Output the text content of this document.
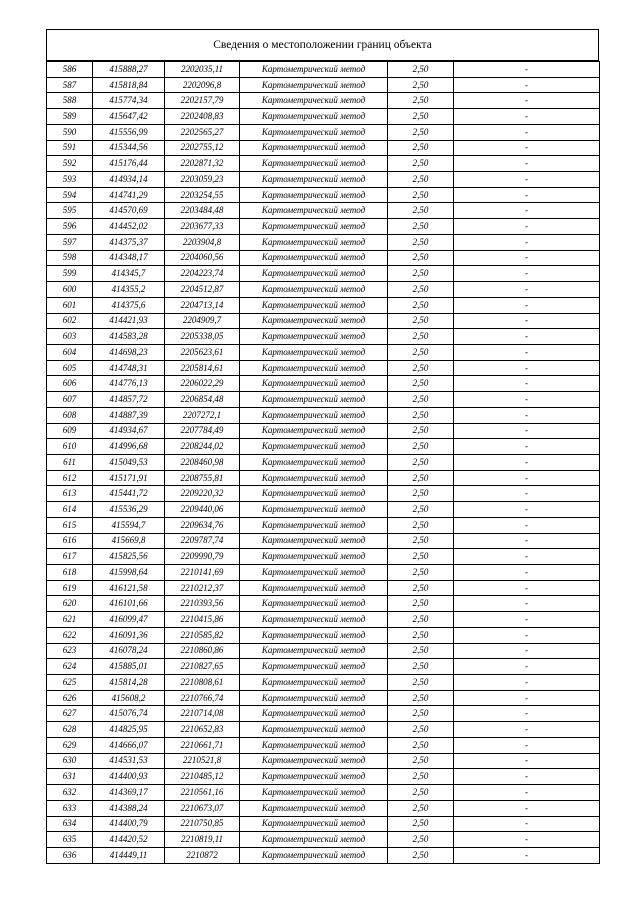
Сведения о местоположении границ объекта
586	415888,27	2202035,11	Картометрический метод	2,50	-
587	415818,84	2202096,8	Картометрический метод	2,50	-
588	415774,34	2202157,79	Картометрический метод	2,50	-
589	415647,42	2202408,83	Картометрический метод	2,50	-
590	415556,99	2202565,27	Картометрический метод	2,50	-
591	415344,56	2202755,12	Картометрический метод	2,50	-
592	415176,44	2202871,32	Картометрический метод	2,50	-
593	414934,14	2203059,23	Картометрический метод	2,50	-
594	414741,29	2203254,55	Картометрический метод	2,50	-
595	414570,69	2203484,48	Картометрический метод	2,50	-
596	414452,02	2203677,33	Картометрический метод	2,50	-
597	414375,37	2203904,8	Картометрический метод	2,50	-
598	414348,17	2204060,56	Картометрический метод	2,50	-
599	414345,7	2204223,74	Картометрический метод	2,50	-
600	414355,2	2204512,87	Картометрический метод	2,50	-
601	414375,6	2204713,14	Картометрический метод	2,50	-
602	414421,93	2204909,7	Картометрический метод	2,50	-
603	414583,28	2205338,05	Картометрический метод	2,50	-
604	414698,23	2205623,61	Картометрический метод	2,50	-
605	414748,31	2205814,61	Картометрический метод	2,50	-
606	414776,13	2206022,29	Картометрический метод	2,50	-
607	414857,72	2206854,48	Картометрический метод	2,50	-
608	414887,39	2207272,1	Картометрический метод	2,50	-
609	414934,67	2207784,49	Картометрический метод	2,50	-
610	414996,68	2208244,02	Картометрический метод	2,50	-
611	415049,53	2208460,98	Картометрический метод	2,50	-
612	415171,91	2208755,81	Картометрический метод	2,50	-
613	415441,72	2209220,32	Картометрический метод	2,50	-
614	415536,29	2209440,06	Картометрический метод	2,50	-
615	415594,7	2209634,76	Картометрический метод	2,50	-
616	415669,8	2209787,74	Картометрический метод	2,50	-
617	415825,56	2209990,79	Картометрический метод	2,50	-
618	415998,64	2210141,69	Картометрический метод	2,50	-
619	416121,58	2210212,37	Картометрический метод	2,50	-
620	416101,66	2210393,56	Картометрический метод	2,50	-
621	416099,47	2210415,86	Картометрический метод	2,50	-
622	416091,36	2210585,82	Картометрический метод	2,50	-
623	416078,24	2210860,86	Картометрический метод	2,50	-
624	415885,01	2210827,65	Картометрический метод	2,50	-
625	415814,28	2210808,61	Картометрический метод	2,50	-
626	415608,2	2210766,74	Картометрический метод	2,50	-
627	415076,74	2210714,08	Картометрический метод	2,50	-
628	414825,95	2210652,83	Картометрический метод	2,50	-
629	414666,07	2210661,71	Картометрический метод	2,50	-
630	414531,53	2210521,8	Картометрический метод	2,50	-
631	414400,93	2210485,12	Картометрический метод	2,50	-
632	414369,17	2210561,16	Картометрический метод	2,50	-
633	414388,24	2210673,07	Картометрический метод	2,50	-
634	414400,79	2210750,85	Картометрический метод	2,50	-
635	414420,52	2210819,11	Картометрический метод	2,50	-
636	414449,11	2210872	Картометрический метод	2,50	-
